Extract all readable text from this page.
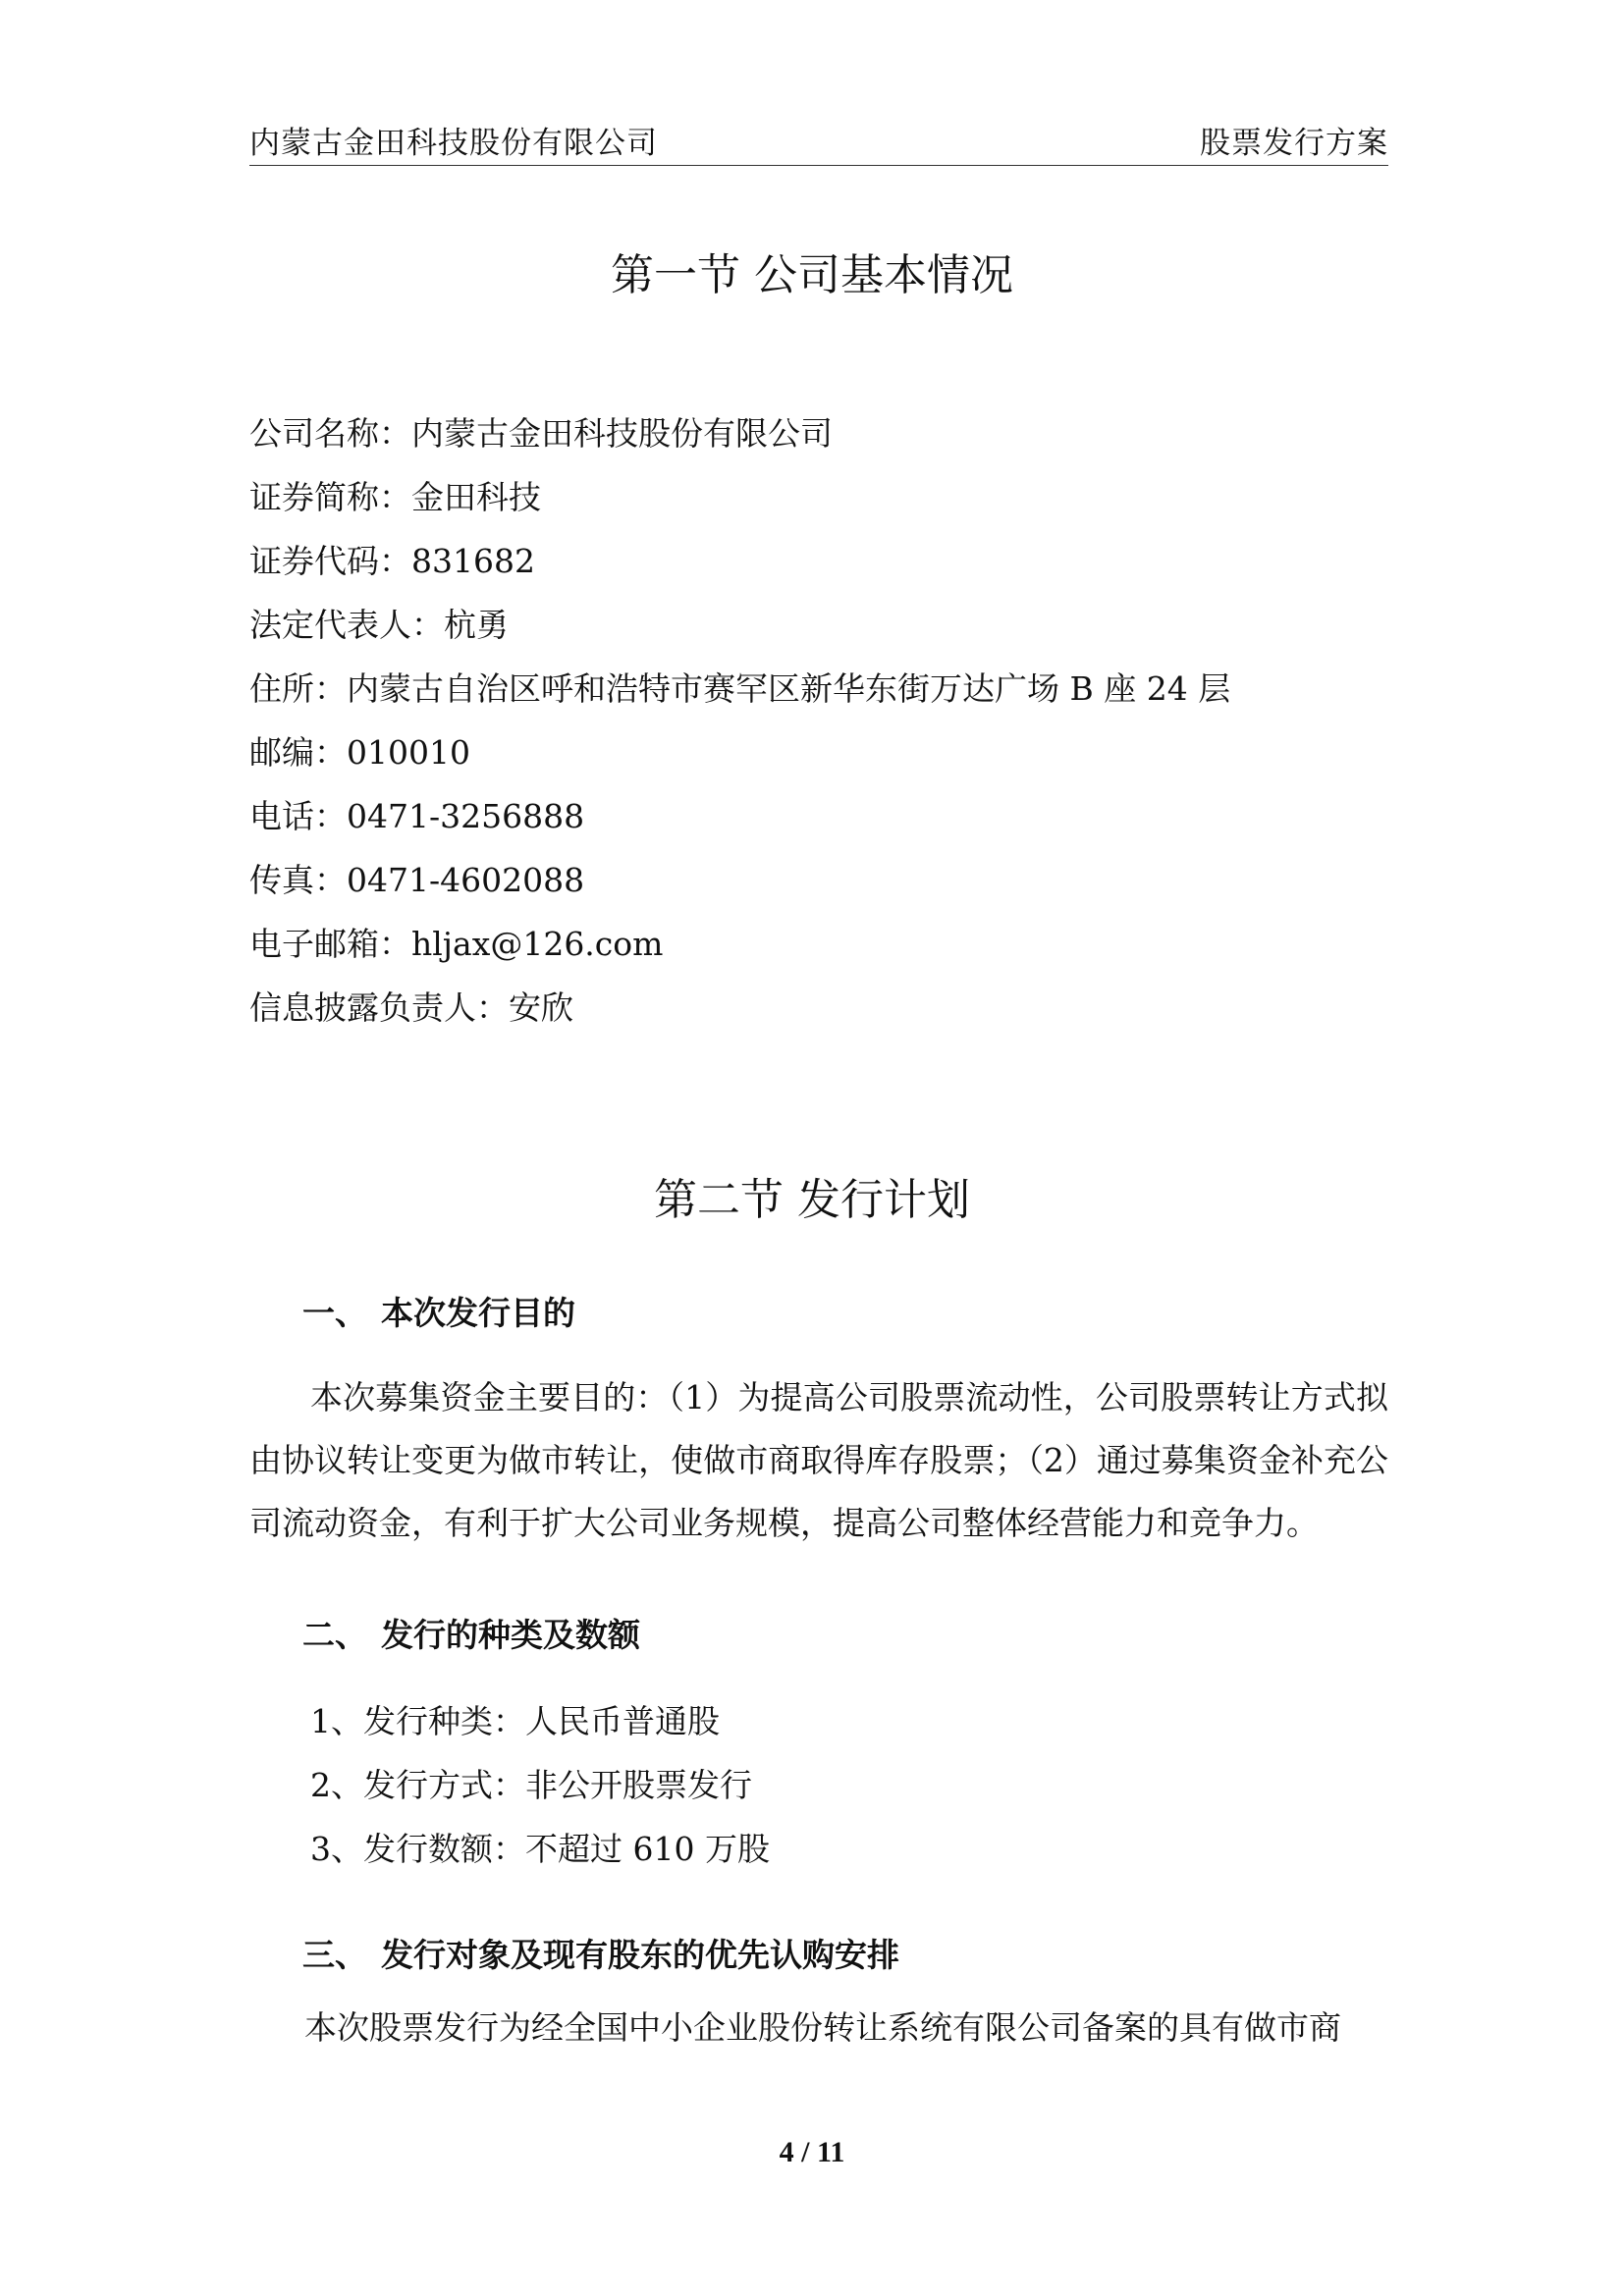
内蒙古金田科技股份有限公司	股票发行方案
第一节 公司基本情况
公司名称：内蒙古金田科技股份有限公司
证券简称：金田科技
证券代码：831682
法定代表人：杭勇
住所：内蒙古自治区呼和浩特市赛罕区新华东街万达广场 B 座 24 层
邮编：010010
电话：0471-3256888
传真：0471-4602088
电子邮箱：hljax@126.com
信息披露负责人：安欣
第二节 发行计划
一、 本次发行目的
本次募集资金主要目的：（1）为提高公司股票流动性，公司股票转让方式拟由协议转让变更为做市转让，使做市商取得库存股票；（2）通过募集资金补充公司流动资金，有利于扩大公司业务规模，提高公司整体经营能力和竞争力。
二、 发行的种类及数额
1、发行种类：人民币普通股
2、发行方式：非公开股票发行
3、发行数额：不超过 610 万股
三、 发行对象及现有股东的优先认购安排
本次股票发行为经全国中小企业股份转让系统有限公司备案的具有做市商
4 / 11
